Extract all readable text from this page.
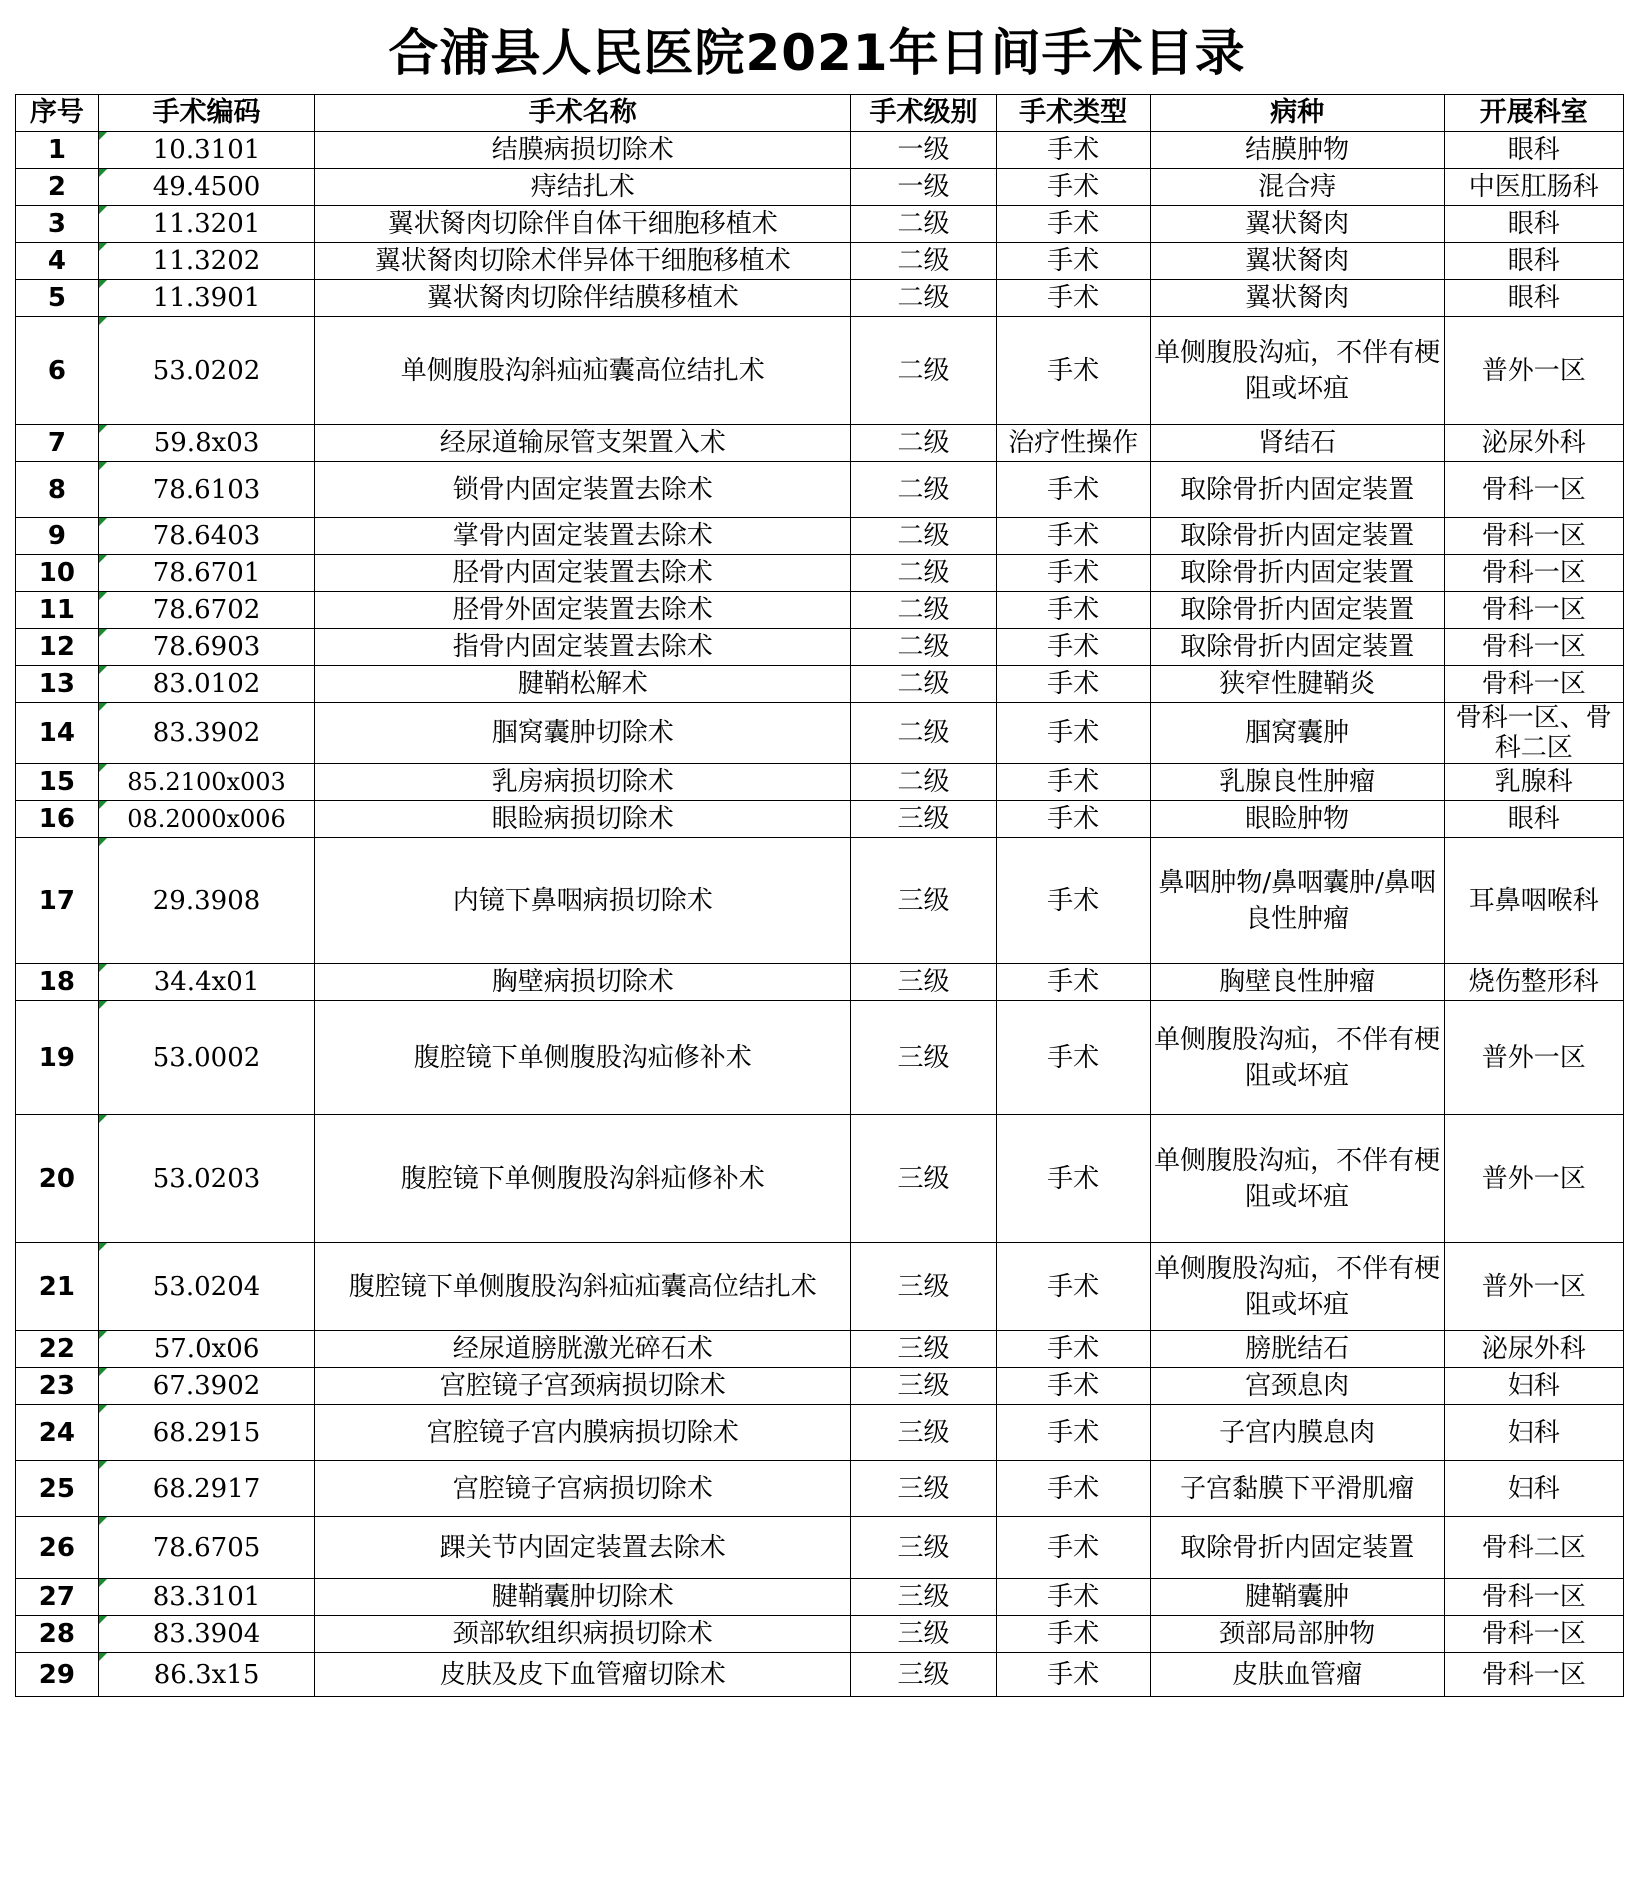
合浦县人民医院2021年日间手术目录
序号	手术编码	手术名称	手术级别	手术类型	病种	开展科室
1	10.3101	结膜病损切除术	一级	手术	结膜肿物	眼科
2	49.4500	痔结扎术	一级	手术	混合痔	中医肛肠科
3	11.3201	翼状胬肉切除伴自体干细胞移植术	二级	手术	翼状胬肉	眼科
4	11.3202	翼状胬肉切除术伴异体干细胞移植术	二级	手术	翼状胬肉	眼科
5	11.3901	翼状胬肉切除伴结膜移植术	二级	手术	翼状胬肉	眼科
6	53.0202	单侧腹股沟斜疝疝囊高位结扎术	二级	手术	单侧腹股沟疝，不伴有梗阻或坏疽	普外一区
7	59.8x03	经尿道输尿管支架置入术	二级	治疗性操作	肾结石	泌尿外科
8	78.6103	锁骨内固定装置去除术	二级	手术	取除骨折内固定装置	骨科一区
9	78.6403	掌骨内固定装置去除术	二级	手术	取除骨折内固定装置	骨科一区
10	78.6701	胫骨内固定装置去除术	二级	手术	取除骨折内固定装置	骨科一区
11	78.6702	胫骨外固定装置去除术	二级	手术	取除骨折内固定装置	骨科一区
12	78.6903	指骨内固定装置去除术	二级	手术	取除骨折内固定装置	骨科一区
13	83.0102	腱鞘松解术	二级	手术	狭窄性腱鞘炎	骨科一区
14	83.3902	腘窝囊肿切除术	二级	手术	腘窝囊肿	骨科一区、骨科二区
15	85.2100x003	乳房病损切除术	二级	手术	乳腺良性肿瘤	乳腺科
16	08.2000x006	眼睑病损切除术	三级	手术	眼睑肿物	眼科
17	29.3908	内镜下鼻咽病损切除术	三级	手术	鼻咽肿物/鼻咽囊肿/鼻咽良性肿瘤	耳鼻咽喉科
18	34.4x01	胸壁病损切除术	三级	手术	胸壁良性肿瘤	烧伤整形科
19	53.0002	腹腔镜下单侧腹股沟疝修补术	三级	手术	单侧腹股沟疝，不伴有梗阻或坏疽	普外一区
20	53.0203	腹腔镜下单侧腹股沟斜疝修补术	三级	手术	单侧腹股沟疝，不伴有梗阻或坏疽	普外一区
21	53.0204	腹腔镜下单侧腹股沟斜疝疝囊高位结扎术	三级	手术	单侧腹股沟疝，不伴有梗阻或坏疽	普外一区
22	57.0x06	经尿道膀胱激光碎石术	三级	手术	膀胱结石	泌尿外科
23	67.3902	宫腔镜子宫颈病损切除术	三级	手术	宫颈息肉	妇科
24	68.2915	宫腔镜子宫内膜病损切除术	三级	手术	子宫内膜息肉	妇科
25	68.2917	宫腔镜子宫病损切除术	三级	手术	子宫黏膜下平滑肌瘤	妇科
26	78.6705	踝关节内固定装置去除术	三级	手术	取除骨折内固定装置	骨科二区
27	83.3101	腱鞘囊肿切除术	三级	手术	腱鞘囊肿	骨科一区
28	83.3904	颈部软组织病损切除术	三级	手术	颈部局部肿物	骨科一区
29	86.3x15	皮肤及皮下血管瘤切除术	三级	手术	皮肤血管瘤	骨科一区
